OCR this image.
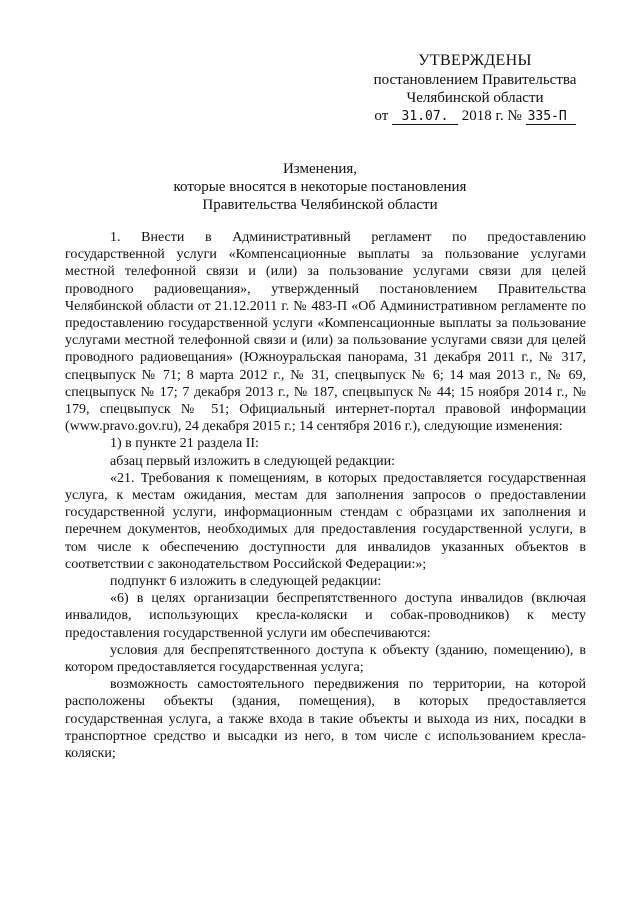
УТВЕРЖДЕНЫ
постановлением Правительства
Челябинской области
от 31.07. 2018 г. № 335-П
Изменения,
которые вносятся в некоторые постановления
Правительства Челябинской области

1. Внести в Административный регламент по предоставлению государственной услуги «Компенсационные выплаты за пользование услугами местной телефонной связи и (или) за пользование услугами связи для целей проводного радиовещания», утвержденный постановлением Правительства Челябинской области от 21.12.2011 г. № 483-П «Об Административном регламенте по предоставлению государственной услуги «Компенсационные выплаты за пользование услугами местной телефонной связи и (или) за пользование услугами связи для целей проводного радиовещания» (Южноуральская панорама, 31 декабря 2011 г., № 317, спецвыпуск № 71; 8 марта 2012 г., № 31, спецвыпуск № 6; 14 мая 2013 г., № 69, спецвыпуск № 17; 7 декабря 2013 г., № 187, спецвыпуск № 44; 15 ноября 2014 г., № 179, спецвыпуск № 51; Официальный интернет-портал правовой информации (www.pravo.gov.ru), 24 декабря 2015 г.; 14 сентября 2016 г.), следующие изменения:

1) в пункте 21 раздела II:

абзац первый изложить в следующей редакции:

«21. Требования к помещениям, в которых предоставляется государственная услуга, к местам ожидания, местам для заполнения запросов о предоставлении государственной услуги, информационным стендам с образцами их заполнения и перечнем документов, необходимых для предоставления государственной услуги, в том числе к обеспечению доступности для инвалидов указанных объектов в соответствии с законодательством Российской Федерации:»;

подпункт 6 изложить в следующей редакции:

«6) в целях организации беспрепятственного доступа инвалидов (включая инвалидов, использующих кресла-коляски и собак-проводников) к месту предоставления государственной услуги им обеспечиваются:

условия для беспрепятственного доступа к объекту (зданию, помещению), в котором предоставляется государственная услуга;

возможность самостоятельного передвижения по территории, на которой расположены объекты (здания, помещения), в которых предоставляется государственная услуга, а также входа в такие объекты и выхода из них, посадки в транспортное средство и высадки из него, в том числе с использованием кресла-коляски;
